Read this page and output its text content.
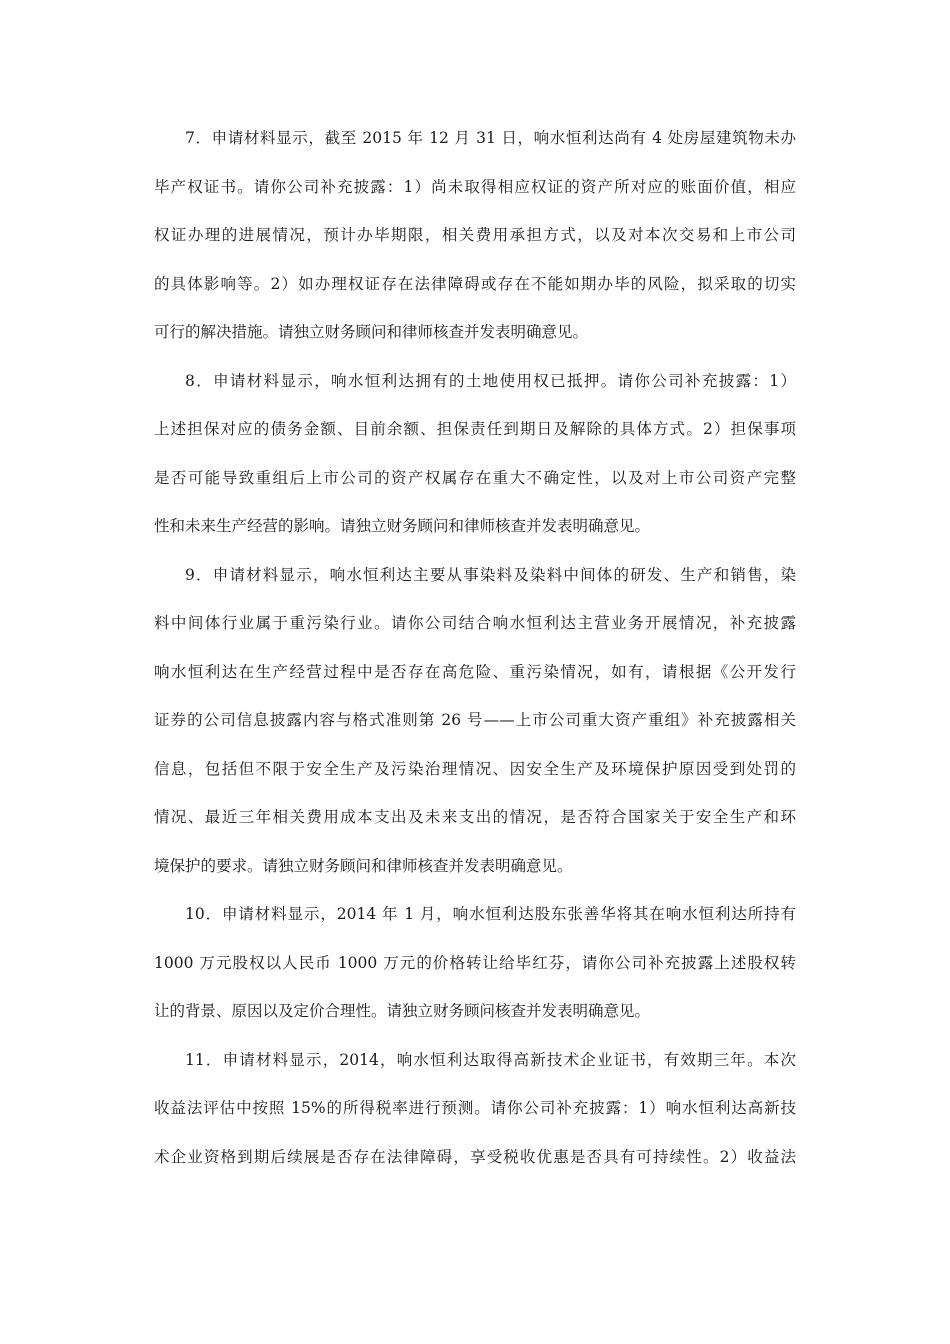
7．申请材料显示，截至 2015 年 12 月 31 日，响水恒利达尚有 4 处房屋建筑物未办
毕产权证书。请你公司补充披露：1）尚未取得相应权证的资产所对应的账面价值，相应
权证办理的进展情况，预计办毕期限，相关费用承担方式，以及对本次交易和上市公司
的具体影响等。2）如办理权证存在法律障碍或存在不能如期办毕的风险，拟采取的切实
可行的解决措施。请独立财务顾问和律师核查并发表明确意见。
8．申请材料显示，响水恒利达拥有的土地使用权已抵押。请你公司补充披露：1）
上述担保对应的债务金额、目前余额、担保责任到期日及解除的具体方式。2）担保事项
是否可能导致重组后上市公司的资产权属存在重大不确定性，以及对上市公司资产完整
性和未来生产经营的影响。请独立财务顾问和律师核查并发表明确意见。
9．申请材料显示，响水恒利达主要从事染料及染料中间体的研发、生产和销售，染
料中间体行业属于重污染行业。请你公司结合响水恒利达主营业务开展情况，补充披露
响水恒利达在生产经营过程中是否存在高危险、重污染情况，如有，请根据《公开发行
证券的公司信息披露内容与格式准则第 26 号——上市公司重大资产重组》补充披露相关
信息，包括但不限于安全生产及污染治理情况、因安全生产及环境保护原因受到处罚的
情况、最近三年相关费用成本支出及未来支出的情况，是否符合国家关于安全生产和环
境保护的要求。请独立财务顾问和律师核查并发表明确意见。
10．申请材料显示，2014 年 1 月，响水恒利达股东张善华将其在响水恒利达所持有
1000 万元股权以人民币 1000 万元的价格转让给毕红芬，请你公司补充披露上述股权转
让的背景、原因以及定价合理性。请独立财务顾问核查并发表明确意见。
11．申请材料显示，2014，响水恒利达取得高新技术企业证书，有效期三年。本次
收益法评估中按照 15%的所得税率进行预测。请你公司补充披露：1）响水恒利达高新技
术企业资格到期后续展是否存在法律障碍，享受税收优惠是否具有可持续性。2）收益法
